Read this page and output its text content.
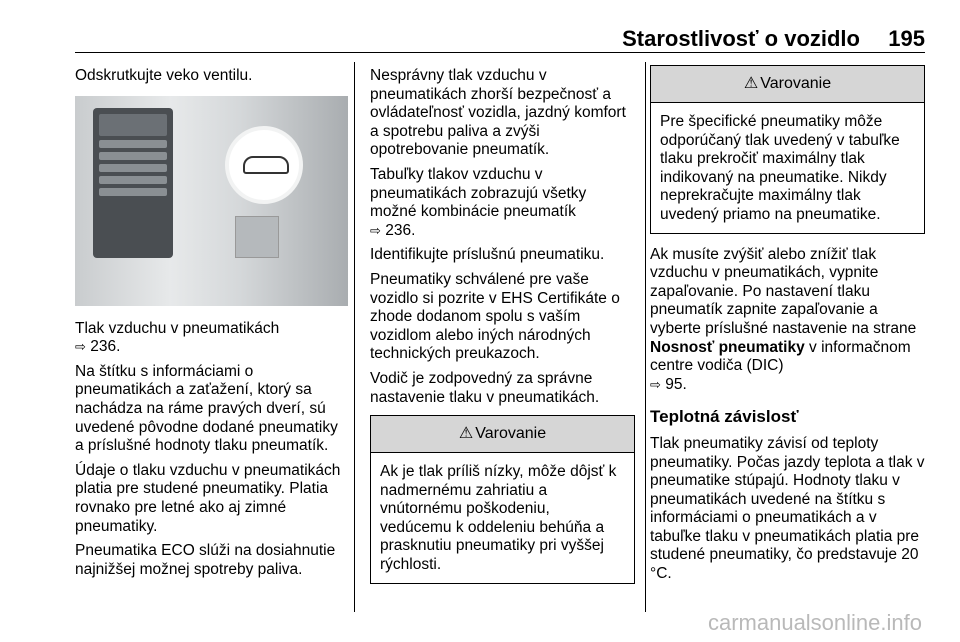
Starostlivosť o vozidlo 195

Odskrutkujte veko ventilu.

Tlak vzduchu v pneumatikách
⇨ 236.

Na štítku s informáciami o pneumatikách a zaťažení, ktorý sa nachádza na ráme pravých dverí, sú uvedené pôvodne dodané pneumatiky a príslušné hodnoty tlaku pneumatík.

Údaje o tlaku vzduchu v pneumatikách platia pre studené pneumatiky. Platia rovnako pre letné ako aj zimné pneumatiky.

Pneumatika ECO slúži na dosiahnutie najnižšej možnej spotreby paliva.

Nesprávny tlak vzduchu v pneumatikách zhorší bezpečnosť a ovládateľnosť vozidla, jazdný komfort a spotrebu paliva a zvýši opotrebovanie pneumatík.

Tabuľky tlakov vzduchu v pneumatikách zobrazujú všetky možné kombinácie pneumatík
⇨ 236.

Identifikujte príslušnú pneumatiku.

Pneumatiky schválené pre vaše vozidlo si pozrite v EHS Certifikáte o zhode dodanom spolu s vaším vozidlom alebo iných národných technických preukazoch.

Vodič je zodpovedný za správne nastavenie tlaku v pneumatikách.

⚠ Varovanie
Ak je tlak príliš nízky, môže dôjsť k nadmernému zahriatiu a vnútornému poškodeniu, vedúcemu k oddeleniu behúňa a prasknutiu pneumatiky pri vyššej rýchlosti.
⚠ Varovanie
Pre špecifické pneumatiky môže odporúčaný tlak uvedený v tabuľke tlaku prekročiť maximálny tlak indikovaný na pneumatike. Nikdy neprekračujte maximálny tlak uvedený priamo na pneumatike.

Ak musíte zvýšiť alebo znížiť tlak vzduchu v pneumatikách, vypnite zapaľovanie. Po nastavení tlaku pneumatík zapnite zapaľovanie a vyberte príslušné nastavenie na strane Nosnosť pneumatiky v informačnom centre vodiča (DIC)
⇨ 95.

Teplotná závislosť

Tlak pneumatiky závisí od teploty pneumatiky. Počas jazdy teplota a tlak v pneumatike stúpajú. Hodnoty tlaku v pneumatikách uvedené na štítku s informáciami o pneumatikách a v tabuľke tlaku v pneumatikách platia pre studené pneumatiky, čo predstavuje 20 °C.

carmanualsonline.info
